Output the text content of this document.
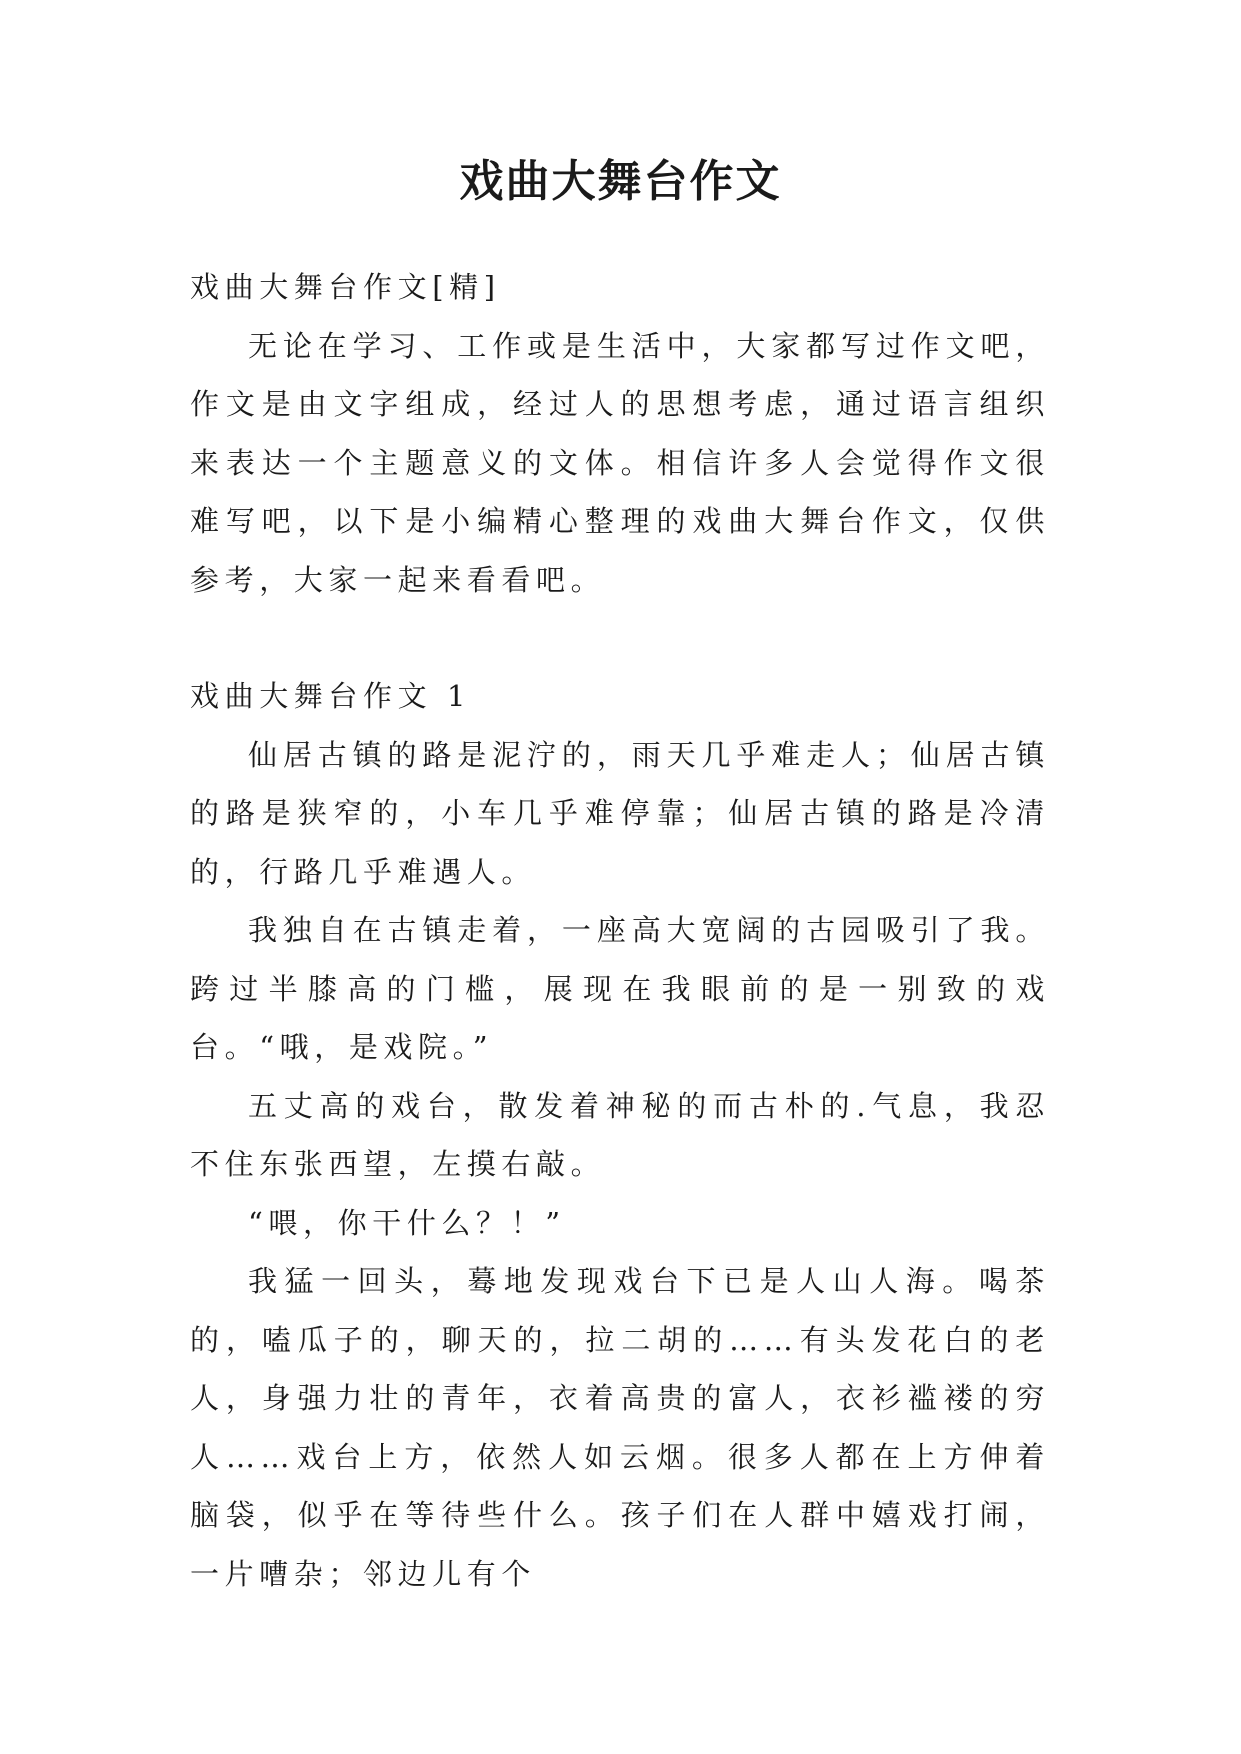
戏曲大舞台作文

戏曲大舞台作文[精]

无论在学习、工作或是生活中，大家都写过作文吧，作文是由文字组成，经过人的思想考虑，通过语言组织来表达一个主题意义的文体。相信许多人会觉得作文很难写吧，以下是小编精心整理的戏曲大舞台作文，仅供参考，大家一起来看看吧。

戏曲大舞台作文 1

仙居古镇的路是泥泞的，雨天几乎难走人；仙居古镇的路是狭窄的，小车几乎难停靠；仙居古镇的路是冷清的，行路几乎难遇人。

我独自在古镇走着，一座高大宽阔的古园吸引了我。跨过半膝高的门槛，展现在我眼前的是一别致的戏台。“哦，是戏院。”

五丈高的戏台，散发着神秘的而古朴的.气息，我忍不住东张西望，左摸右敲。

“喂，你干什么？！”

我猛一回头，蓦地发现戏台下已是人山人海。喝茶的，嗑瓜子的，聊天的，拉二胡的……有头发花白的老人，身强力壮的青年，衣着高贵的富人，衣衫褴褛的穷人……戏台上方，依然人如云烟。很多人都在上方伸着脑袋，似乎在等待些什么。孩子们在人群中嬉戏打闹，一片嘈杂；邻边儿有个
